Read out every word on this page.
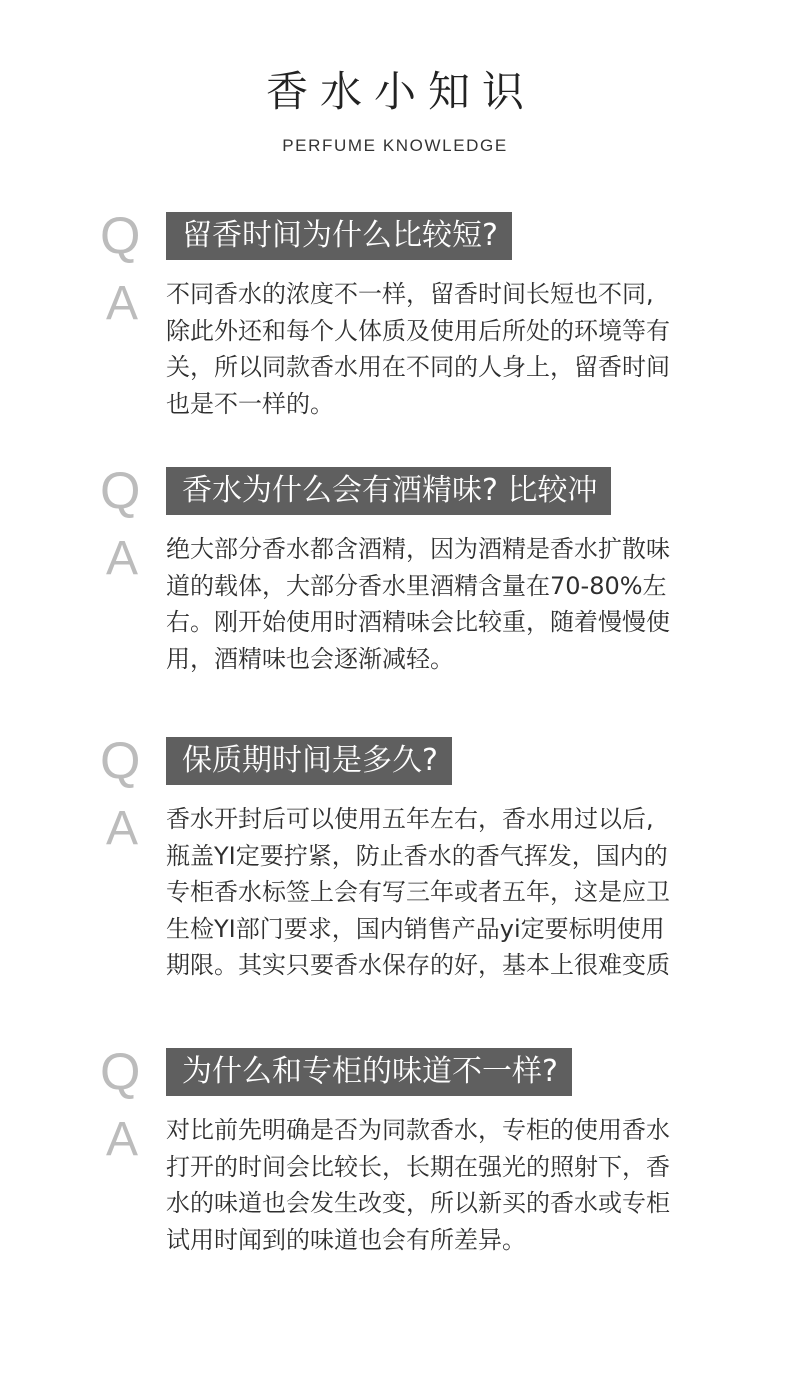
香水小知识
PERFUME KNOWLEDGE
Q	留香时间为什么比较短?
A 不同香水的浓度不一样，留香时间长短也不同,
除此外还和每个人体质及使用后所处的环境等有
关，所以同款香水用在不同的人身上，留香时间
也是不一样的。
Q	香水为什么会有酒精味? 比较冲
A 绝大部分香水都含酒精，因为酒精是香水扩散味
道的载体，大部分香水里酒精含量在70-80%左
右。刚开始使用时酒精味会比较重，随着慢慢使
用，酒精味也会逐渐减轻。
Q	保质期时间是多久?
A 香水开封后可以使用五年左右，香水用过以后,
瓶盖YI定要拧紧，防止香水的香气挥发，国内的
专柜香水标签上会有写三年或者五年，这是应卫
生检YI部门要求，国内销售产品yi定要标明使用
期限。其实只要香水保存的好，基本上很难变质
Q	为什么和专柜的味道不一样?
A 对比前先明确是否为同款香水，专柜的使用香水
打开的时间会比较长，长期在强光的照射下，香
水的味道也会发生改变，所以新买的香水或专柜
试用时闻到的味道也会有所差异。
